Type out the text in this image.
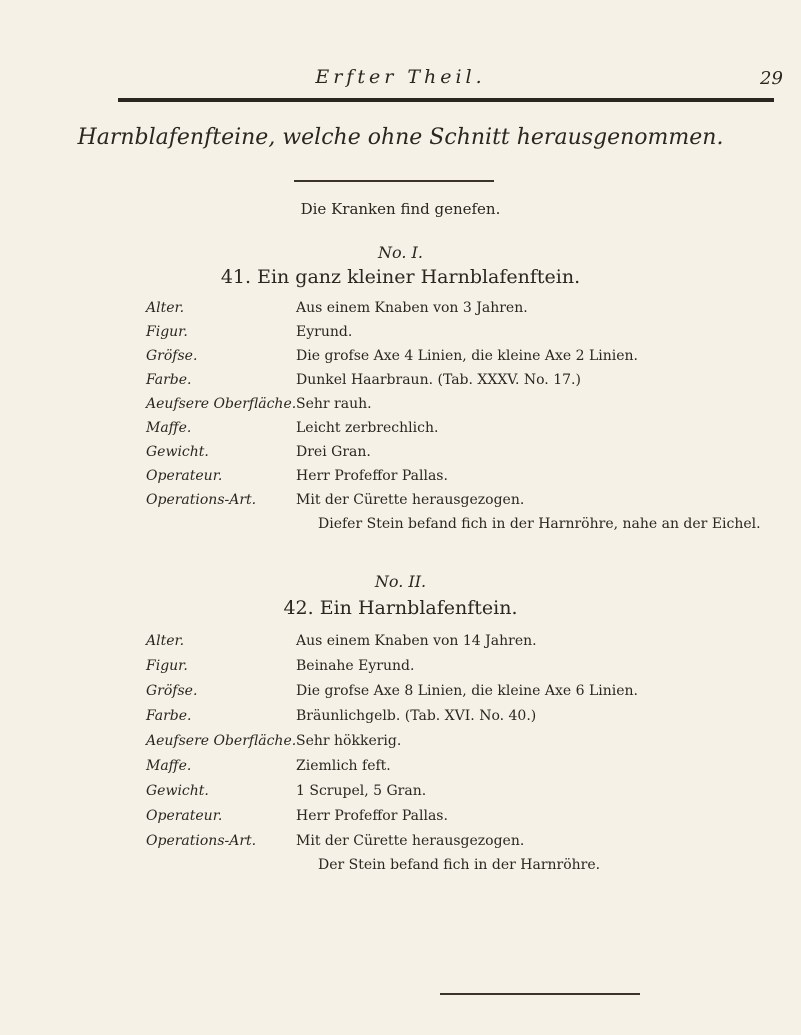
Erfter Theil.	29
Harnblafenfteine, welche ohne Schnitt herausgenommen.
Die Kranken find genefen.
No. I.
41. Ein ganz kleiner Harnblafenftein.
Alter.	Aus einem Knaben von 3 Jahren.
Figur.	Eyrund.
Gröfse.	Die grofse Axe 4 Linien, die kleine Axe 2 Linien.
Farbe.	Dunkel Haarbraun. (Tab. XXXV. No. 17.)
Aeufsere Oberfläche. Sehr rauh.
Maffe.	Leicht zerbrechlich.
Gewicht.	Drei Gran.
Operateur.	Herr Profeffor Pallas.
Operations-Art.	Mit der Cürette herausgezogen.
Diefer Stein befand fich in der Harnröhre, nahe an der Eichel.
No. II.
42. Ein Harnblafenftein.
Alter.	Aus einem Knaben von 14 Jahren.
Figur.	Beinahe Eyrund.
Gröfse.	Die grofse Axe 8 Linien, die kleine Axe 6 Linien.
Farbe.	Bräunlichgelb. (Tab. XVI. No. 40.)
Aeufsere Oberfläche. Sehr hökkerig.
Maffe.	Ziemlich feft.
Gewicht.	1 Scrupel, 5 Gran.
Operateur.	Herr Profeffor Pallas.
Operations-Art.	Mit der Cürette herausgezogen.
Der Stein befand fich in der Harnröhre.
